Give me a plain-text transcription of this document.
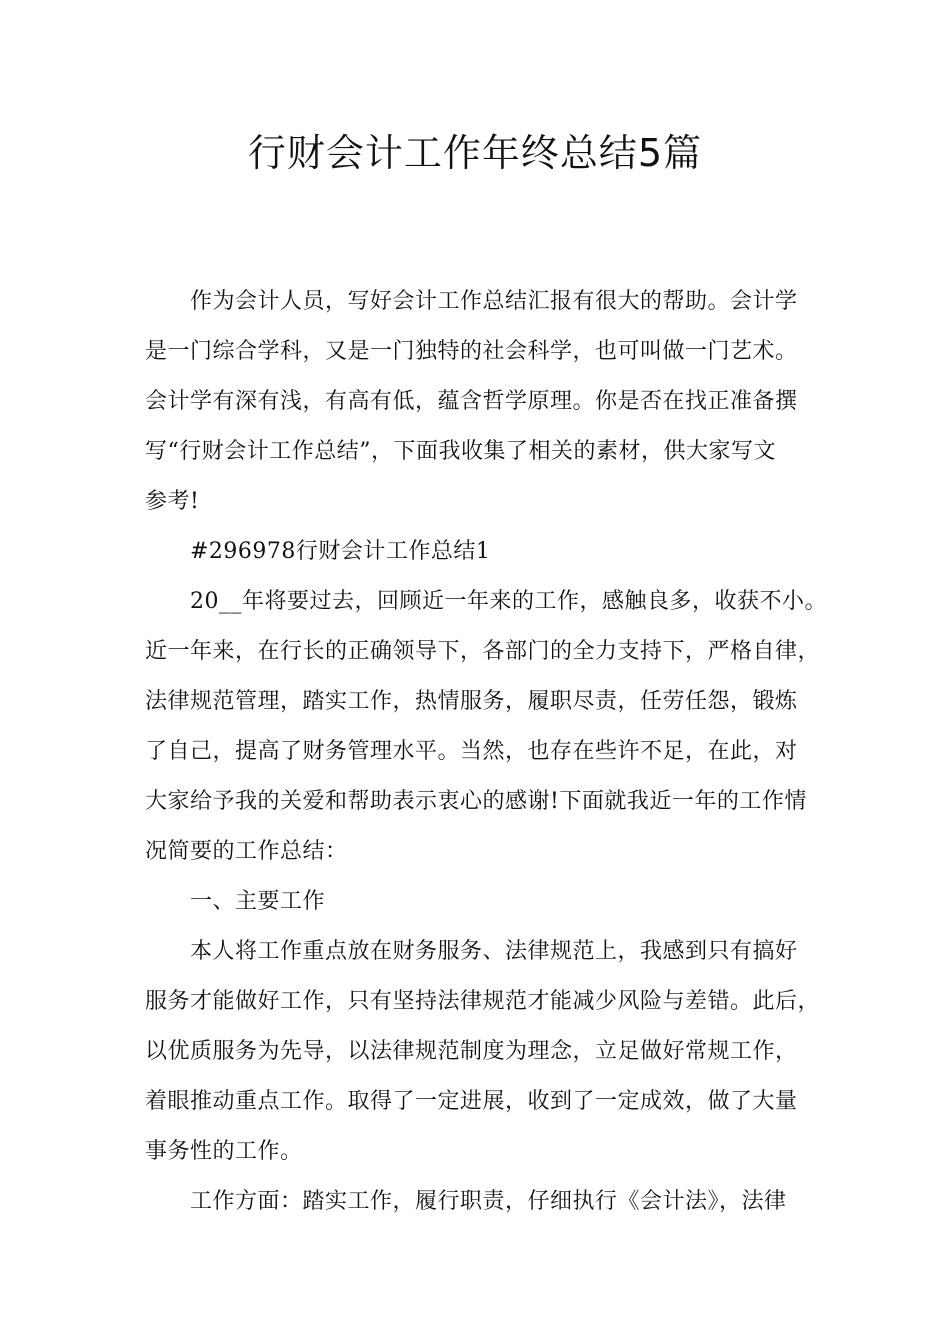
行财会计工作年终总结5篇
作为会计人员，写好会计工作总结汇报有很大的帮助。会计学
是一门综合学科，又是一门独特的社会科学，也可叫做一门艺术。
会计学有深有浅，有高有低，蕴含哲学原理。你是否在找正准备撰
写“行财会计工作总结”，下面我收集了相关的素材，供大家写文
参考!
#296978行财会计工作总结1
20__年将要过去，回顾近一年来的工作，感触良多，收获不小。
近一年来，在行长的正确领导下，各部门的全力支持下，严格自律，
法律规范管理，踏实工作，热情服务，履职尽责，任劳任怨，锻炼
了自己，提高了财务管理水平。当然，也存在些许不足，在此，对
大家给予我的关爱和帮助表示衷心的感谢!下面就我近一年的工作情
况简要的工作总结：
一、主要工作
本人将工作重点放在财务服务、法律规范上，我感到只有搞好
服务才能做好工作，只有坚持法律规范才能减少风险与差错。此后，
以优质服务为先导，以法律规范制度为理念，立足做好常规工作，
着眼推动重点工作。取得了一定进展，收到了一定成效，做了大量
事务性的工作。
工作方面：踏实工作，履行职责，仔细执行《会计法》，法律
